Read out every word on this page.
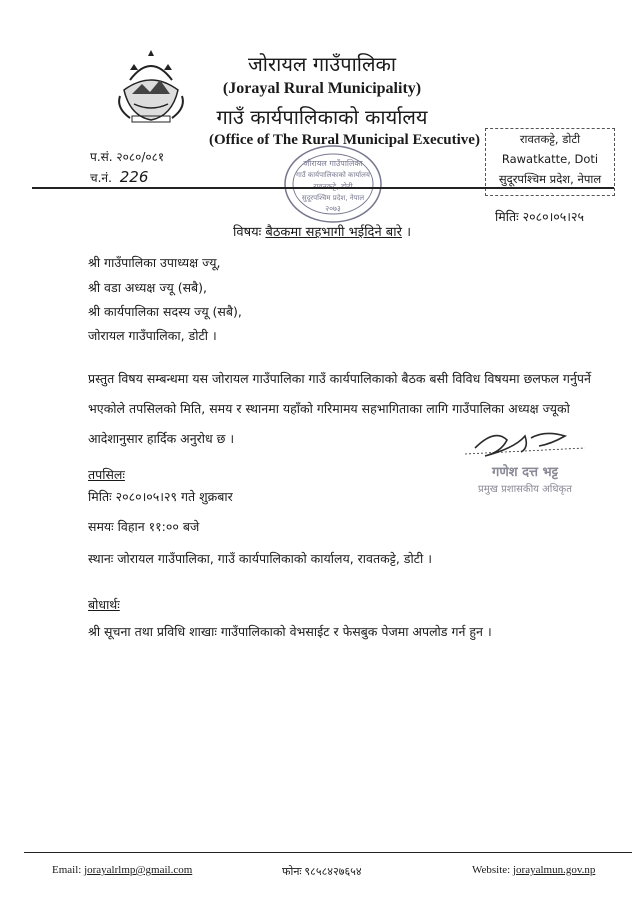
जोरायल गाउँपालिका
(Jorayal Rural Municipality)
गाउँ कार्यपालिकाको कार्यालय
(Office of The Rural Municipal Executive)	रावतकट्टे, डोटी
Rawatkatte, Doti
सुदूरपश्चिम प्रदेश, नेपाल
प.सं. २०८०/०८१
च.नं. 226
जोरायल गाउँपालिका
गाउँ कार्यपालिकाको कार्यालय
सुदूरपश्चिम प्रदेश, नेपाल
२०७३
मितिः २०८०।०५।२५
विषयः बैठकमा सहभागी भईदिने बारे ।
श्री गाउँपालिका उपाध्यक्ष ज्यू,
श्री वडा अध्यक्ष ज्यू (सबै),
श्री कार्यपालिका सदस्य ज्यू (सबै),
जोरायल गाउँपालिका, डोटी ।
प्रस्तुत विषय सम्बन्धमा यस जोरायल गाउँपालिका गाउँ कार्यपालिकाको बैठक बसी विविध विषयमा छलफल गर्नुपर्ने भएकोले तपसिलको मिति, समय र स्थानमा यहाँको गरिमामय सहभागिताका लागि गाउँपालिका अध्यक्ष ज्यूको आदेशानुसार हार्दिक अनुरोध छ ।
गणेश दत्त भट्ट
प्रमुख प्रशासकीय अधिकृत
तपसिलः
मितिः २०८०।०५।२९ गते शुक्रबार
समयः विहान ११:०० बजे
स्थानः जोरायल गाउँपालिका, गाउँ कार्यपालिकाको कार्यालय, रावतकट्टे, डोटी ।
बोधार्थः
श्री सूचना तथा प्रविधि शाखाः गाउँपालिकाको वेभसाईट र फेसबुक पेजमा अपलोड गर्न हुन ।
Email: jorayalrlmp@gmail.com	फोनः ९८५८४२७६५४	Website: jorayalmun.gov.np
